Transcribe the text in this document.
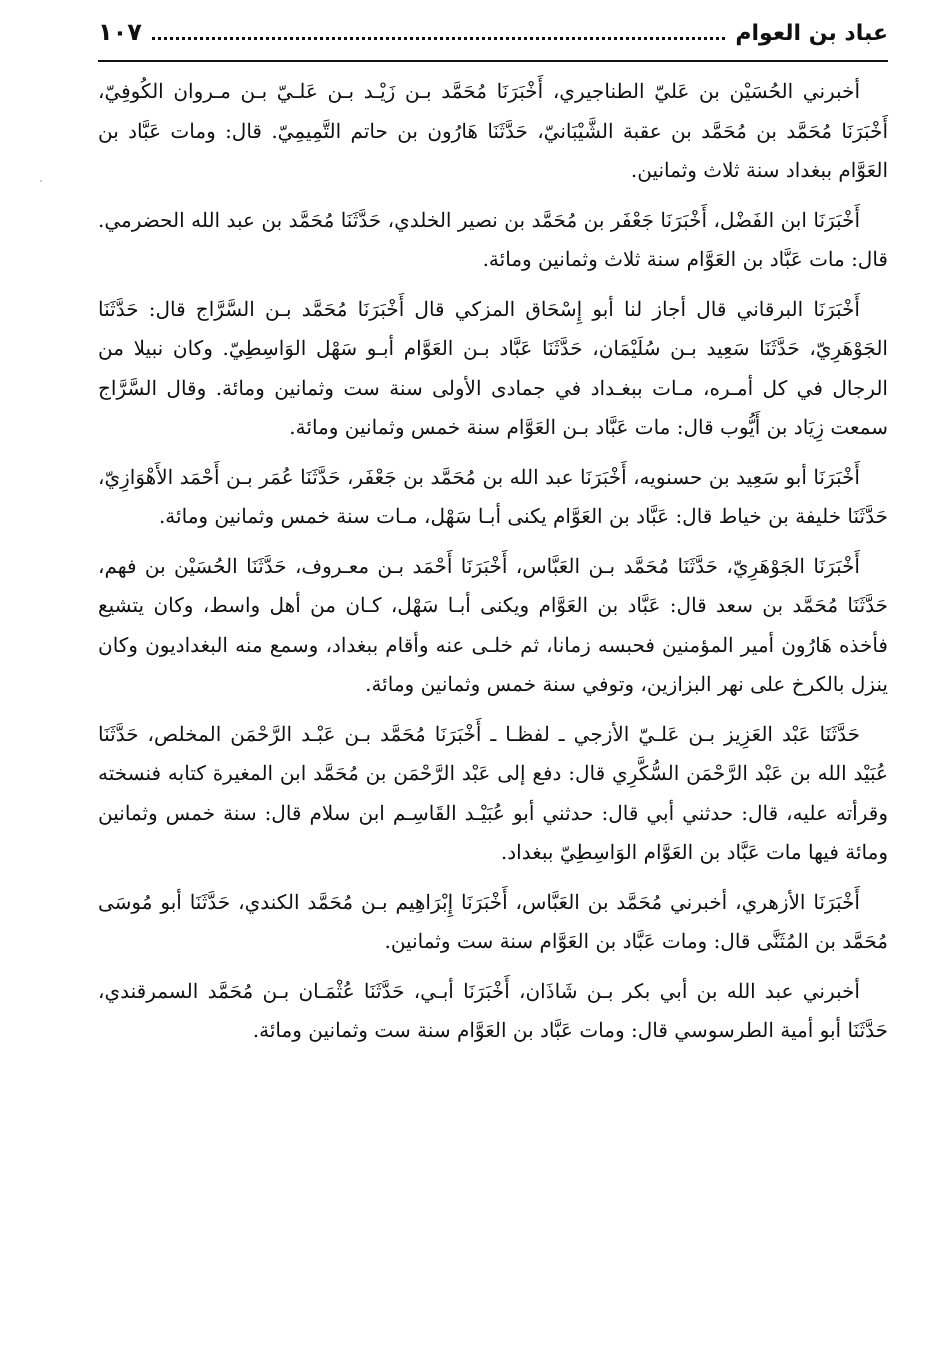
عباد بن العوام
١٠٧

أخبرني الحُسَيْن بن عَليّ الطناجيري، أَخْبَرَنَا مُحَمَّد بـن زَيْـد بـن عَلـيّ بـن مـروان الكُوفِيّ، أَخْبَرَنَا مُحَمَّد بن مُحَمَّد بن عقبة الشَّيْبَانيّ، حَدَّثَنَا هَارُون بن حاتم التَّمِيمِيّ. قال: ومات عَبَّاد بن العَوَّام ببغداد سنة ثلاث وثمانين.

أَخْبَرَنَا ابن الفَضْل، أَخْبَرَنَا جَعْفَر بن مُحَمَّد بن نصير الخلدي، حَدَّثَنَا مُحَمَّد بن عبد الله الحضرمي. قال: مات عَبَّاد بن العَوَّام سنة ثلاث وثمانين ومائة.

أَخْبَرَنَا البرقاني قال أجاز لنا أبو إِسْحَاق المزكي قال أَخْبَرَنَا مُحَمَّد بـن السَّرَّاج قال: حَدَّثَنَا الجَوْهَرِيّ، حَدَّثَنَا سَعِيد بـن سُلَيْمَان، حَدَّثَنَا عَبَّاد بـن العَوَّام أبـو سَهْل الوَاسِطِيّ. وكان نبيلا من الرجال في كل أمـره، مـات ببغـداد في جمادى الأولى سنة ست وثمانين ومائة. وقال السَّرَّاج سمعت زِيَاد بن أَيُّوب قال: مات عَبَّاد بـن العَوَّام سنة خمس وثمانين ومائة.

أَخْبَرَنَا أبو سَعِيد بن حسنويه، أَخْبَرَنَا عبد الله بن مُحَمَّد بن جَعْفَر، حَدَّثَنَا عُمَر بـن أَحْمَد الأَهْوَازِيّ، حَدَّثَنَا خليفة بن خياط قال: عَبَّاد بن العَوَّام يكنى أبـا سَهْل، مـات سنة خمس وثمانين ومائة.

أَخْبَرَنَا الجَوْهَرِيّ، حَدَّثَنَا مُحَمَّد بـن العَبَّاس، أَخْبَرَنَا أَحْمَد بـن معـروف، حَدَّثَنَا الحُسَيْن بن فهم، حَدَّثَنَا مُحَمَّد بن سعد قال: عَبَّاد بن العَوَّام ويكنى أبـا سَهْل، كـان من أهل واسط، وكان يتشيع فأخذه هَارُون أمير المؤمنين فحبسه زمانا، ثم خلـى عنه وأقام ببغداد، وسمع منه البغداديون وكان ينزل بالكرخ على نهر البزازين، وتوفي سنة خمس وثمانين ومائة.

حَدَّثَنَا عَبْد العَزِيز بـن عَلـيّ الأزجي ـ لفظـا ـ أَخْبَرَنَا مُحَمَّد بـن عَبْـد الرَّحْمَن المخلص، حَدَّثَنَا عُبَيْد الله بن عَبْد الرَّحْمَن السُّكَّرِي قال: دفع إلى عَبْد الرَّحْمَن بن مُحَمَّد ابن المغيرة كتابه فنسخته وقرأته عليه، قال: حدثني أبي قال: حدثني أبو عُبَيْـد القَاسِـم ابن سلام قال: سنة خمس وثمانين ومائة فيها مات عَبَّاد بن العَوَّام الوَاسِطِيّ ببغداد.

أَخْبَرَنَا الأزهري، أخبرني مُحَمَّد بن العَبَّاس، أَخْبَرَنَا إِبْرَاهِيم بـن مُحَمَّد الكندي، حَدَّثَنَا أبو مُوسَى مُحَمَّد بن المُثَنَّى قال: ومات عَبَّاد بن العَوَّام سنة ست وثمانين.

أخبرني عبد الله بن أبي بكر بـن شَاذَان، أَخْبَرَنَا أبـي، حَدَّثَنَا عُثْمَـان بـن مُحَمَّد السمرقندي، حَدَّثَنَا أبو أمية الطرسوسي قال: ومات عَبَّاد بن العَوَّام سنة ست وثمانين ومائة.
